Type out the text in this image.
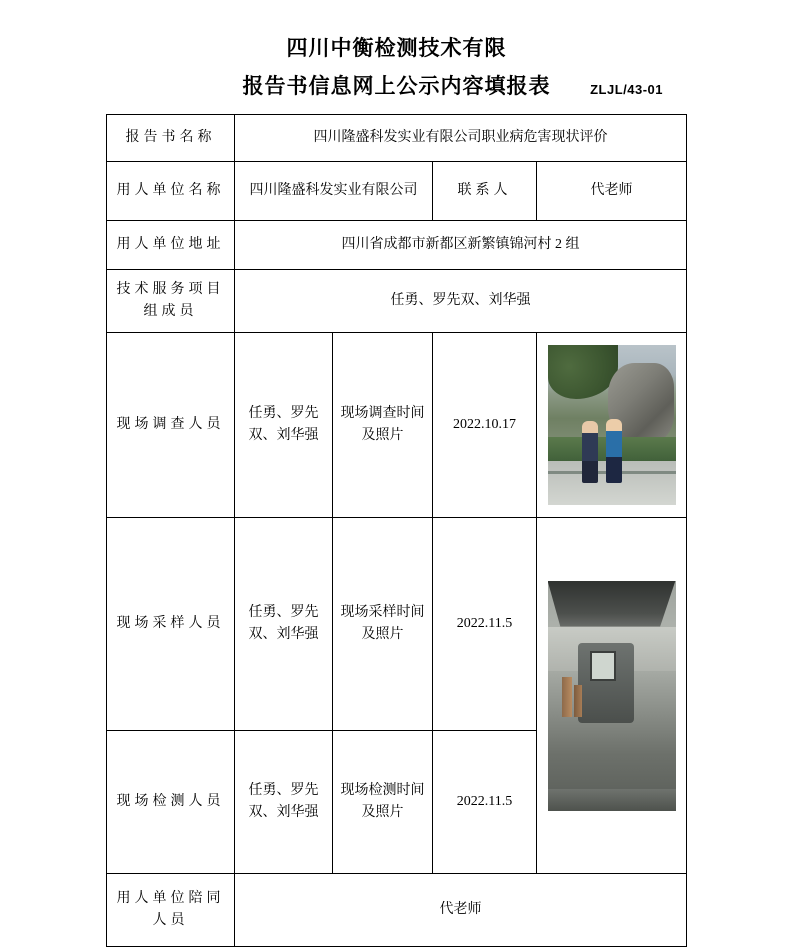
四川中衡检测技术有限
报告书信息网上公示内容填报表	ZLJL/43-01
报告书名称	四川隆盛科发实业有限公司职业病危害现状评价			
用人单位名称	四川隆盛科发实业有限公司		联系人	代老师
用人单位地址	四川省成都市新都区新繁镇锦河村 2 组			
技术服务项目组成员	任勇、罗先双、刘华强			
现场调查人员	任勇、罗先双、刘华强	现场调查时间及照片	2022.10.17	

现场采样人员	任勇、罗先双、刘华强	现场采样时间及照片	2022.11.5	

现场检测人员	任勇、罗先双、刘华强	现场检测时间及照片	2022.11.5	
用人单位陪同人员	代老师			
